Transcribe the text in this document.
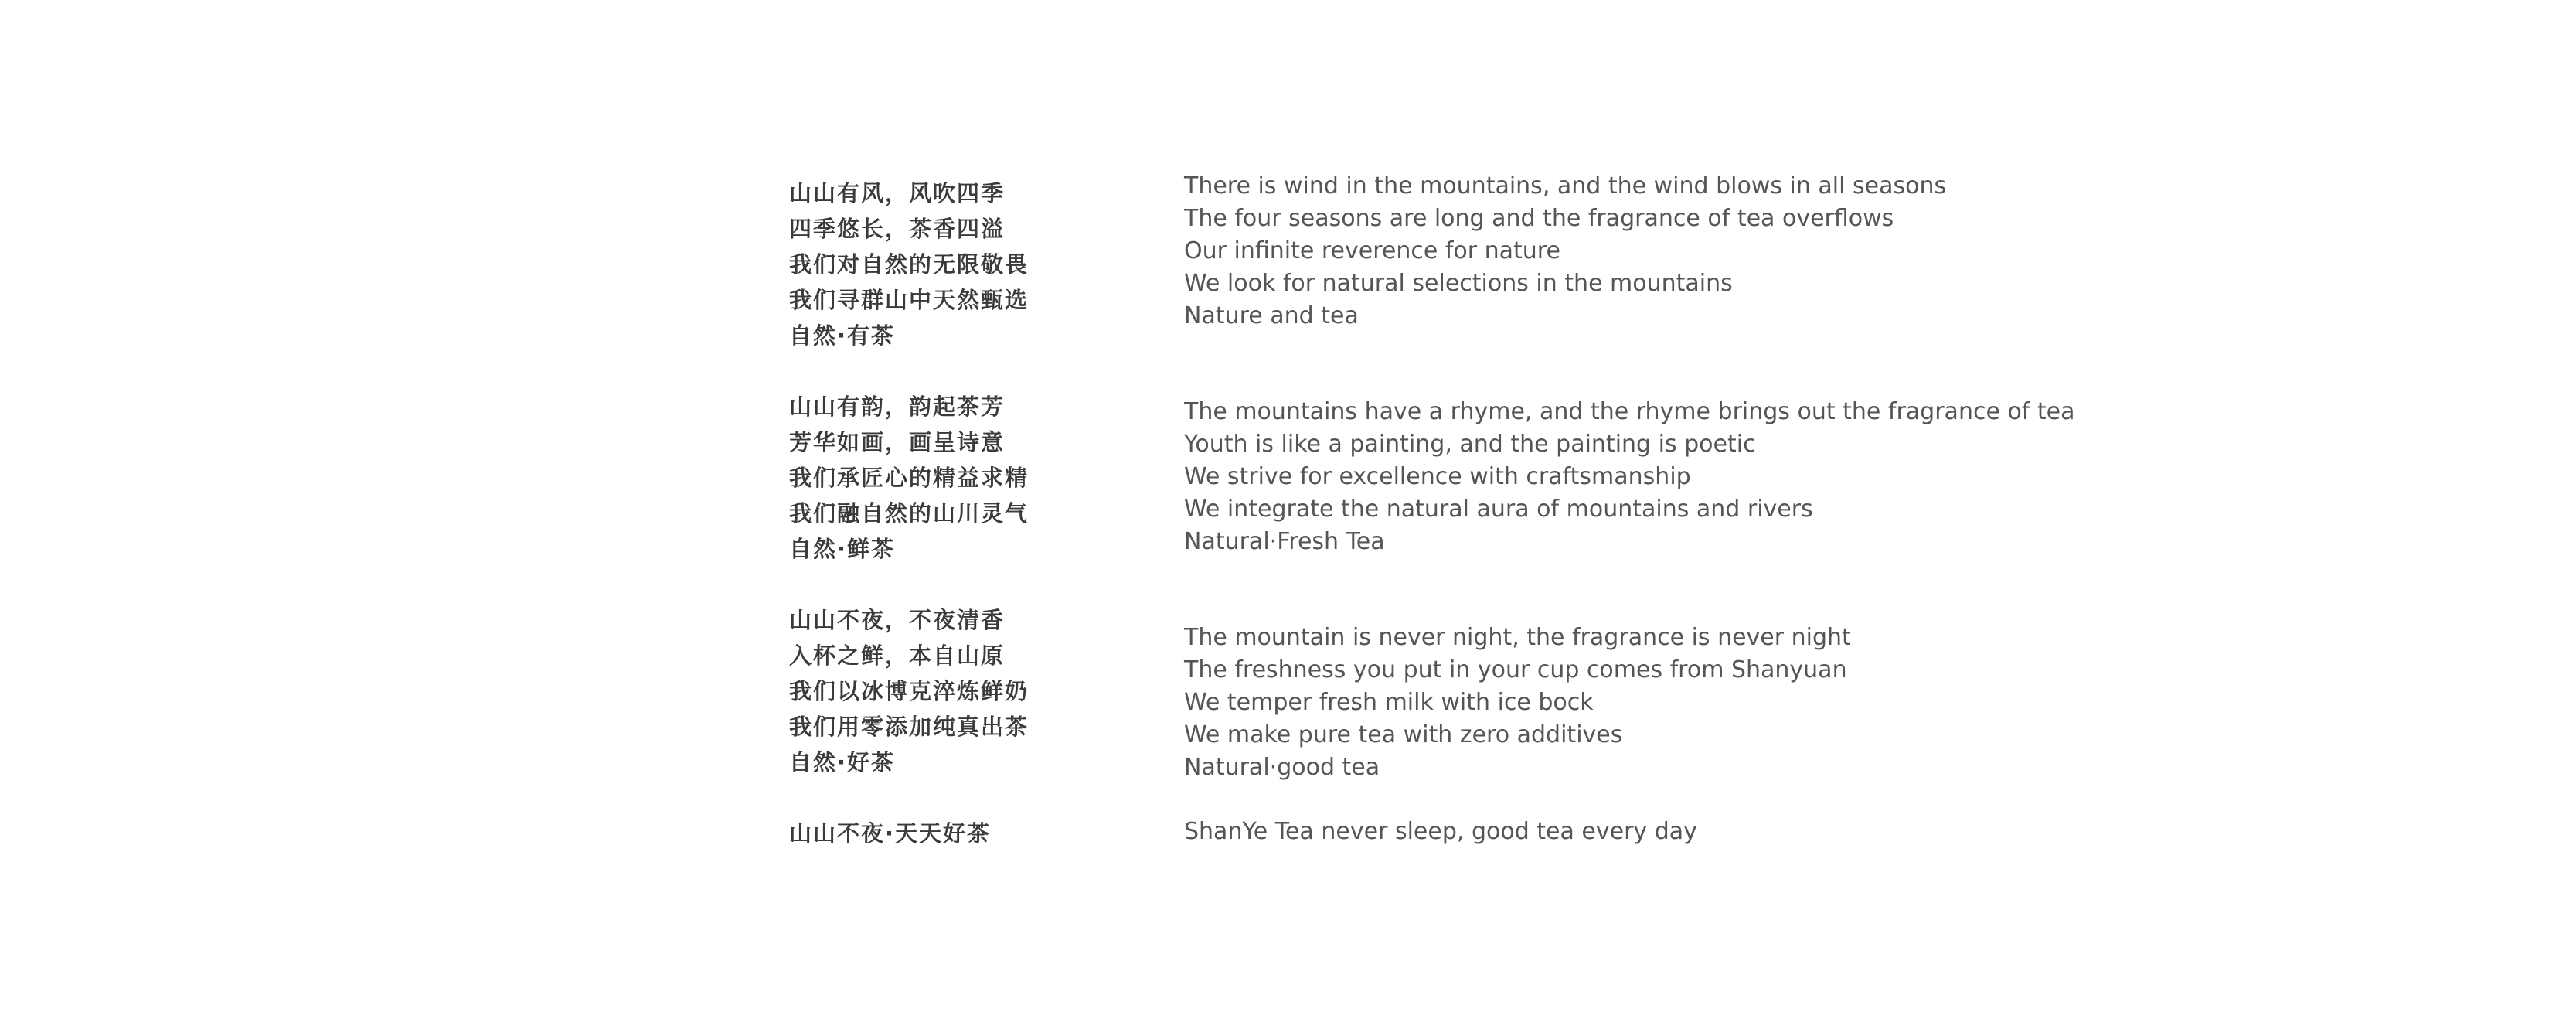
山山有风，风吹四季
四季悠长，茶香四溢
我们对自然的无限敬畏
我们寻群山中天然甄选
自然·有茶
There is wind in the mountains, and the wind blows in all seasons
The four seasons are long and the fragrance of tea overflows
Our infinite reverence for nature
We look for natural selections in the mountains
Nature and tea
山山有韵，韵起茶芳
芳华如画，画呈诗意
我们承匠心的精益求精
我们融自然的山川灵气
自然·鲜茶
The mountains have a rhyme, and the rhyme brings out the fragrance of tea
Youth is like a painting, and the painting is poetic
We strive for excellence with craftsmanship
We integrate the natural aura of mountains and rivers
Natural·Fresh Tea
山山不夜，不夜清香
入杯之鲜，本自山原
我们以冰博克淬炼鲜奶
我们用零添加纯真出茶
自然·好茶
The mountain is never night, the fragrance is never night
The freshness you put in your cup comes from Shanyuan
We temper fresh milk with ice bock
We make pure tea with zero additives
Natural·good tea
山山不夜·天天好茶	ShanYe Tea never sleep, good tea every day
